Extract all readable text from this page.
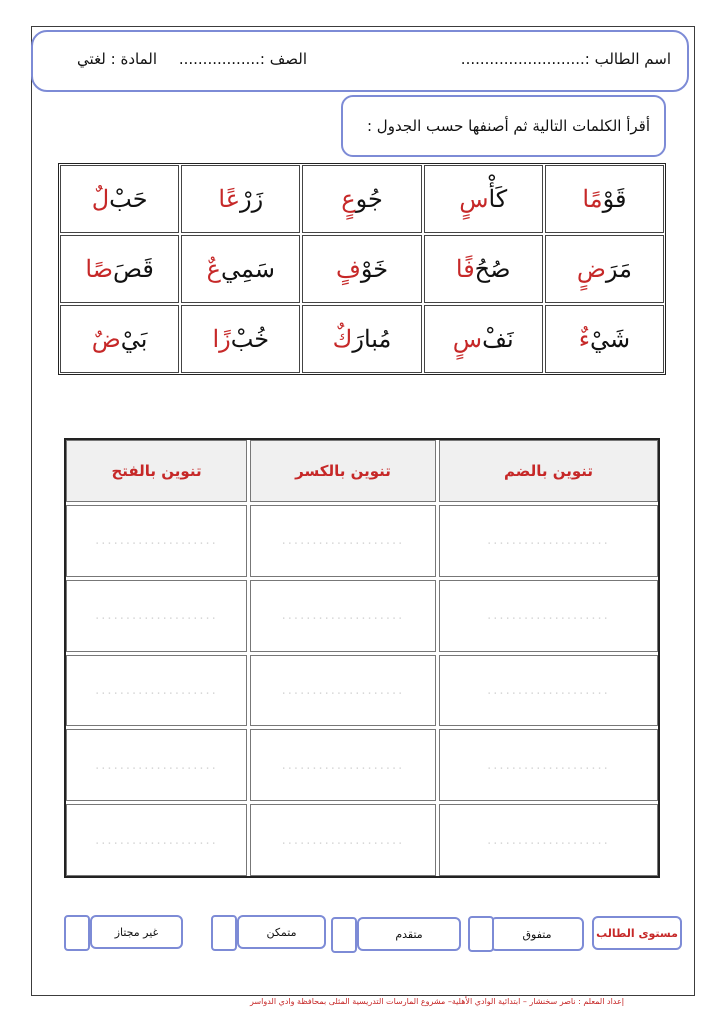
اسم الطالب :..........................
الصف :.................
المادة : لغتي
أقرأ الكلمات التالية ثم أصنفها حسب الجدول :
قَوْ
مًا
كَأْ
سٍ
جُو
عٍ
زَرْ
عًا
حَبْ
لٌ
مَرَ
ضٍ
صُحُ
فًا
خَوْ
فٍ
سَمِي
عٌ
قَصَ
صًا
شَيْ
ءٌ
نَفْ
سٍ
مُبارَ
كٌ
خُبْ
زًا
بَيْ
ضٌ
تنوين بالضم
تنوين بالكسر
تنوين بالفتح
....................
....................
....................
....................
....................
....................
....................
....................
....................
....................
....................
....................
....................
....................
....................
مستوى الطالب
متفوق
متقدم
متمكن
غير مجتاز
إعداد المعلم : ناصر سخنشار – ابتدائية الوادي الأهلية– مشروع المارسات التدريسية المثلى بمحافظة وادي الدواسر
